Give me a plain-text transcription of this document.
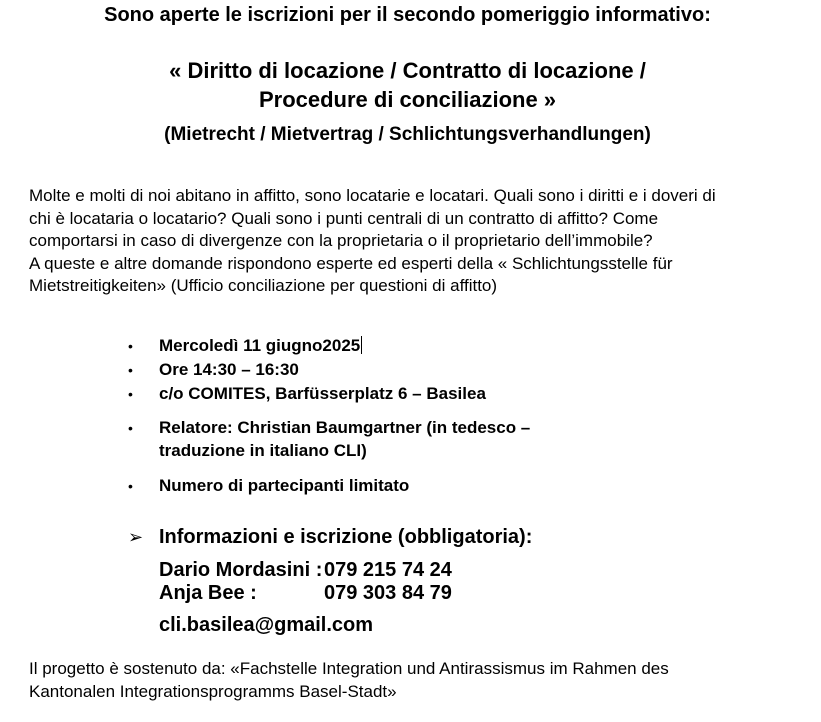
Sono aperte le iscrizioni per il secondo pomeriggio informativo:
« Diritto di locazione / Contratto di locazione /
Procedure di conciliazione »
(Mietrecht / Mietvertrag / Schlichtungsverhandlungen)
Molte e molti di noi abitano in affitto, sono locatarie e locatari. Quali sono i diritti e i doveri di
chi è locataria o locatario? Quali sono i punti centrali di un contratto di affitto? Come
comportarsi in caso di divergenze con la proprietaria o il proprietario dell’immobile?
A queste e altre domande rispondono esperte ed esperti della « Schlichtungsstelle für
Mietstreitigkeiten» (Ufficio conciliazione per questioni di affitto)
• Mercoledì 11 giugno2025
• Ore 14:30 – 16:30
• c/o COMITES, Barfüsserplatz 6 – Basilea
• Relatore: Christian Baumgartner (in tedesco –
traduzione in italiano CLI)
• Numero di partecipanti limitato
➢ Informazioni e iscrizione (obbligatoria):
Dario Mordasini : 079 215 74 24
Anja Bee :	079 303 84 79
cli.basilea@gmail.com
Il progetto è sostenuto da: «Fachstelle Integration und Antirassismus im Rahmen des
Kantonalen Integrationsprogramms Basel-Stadt»
